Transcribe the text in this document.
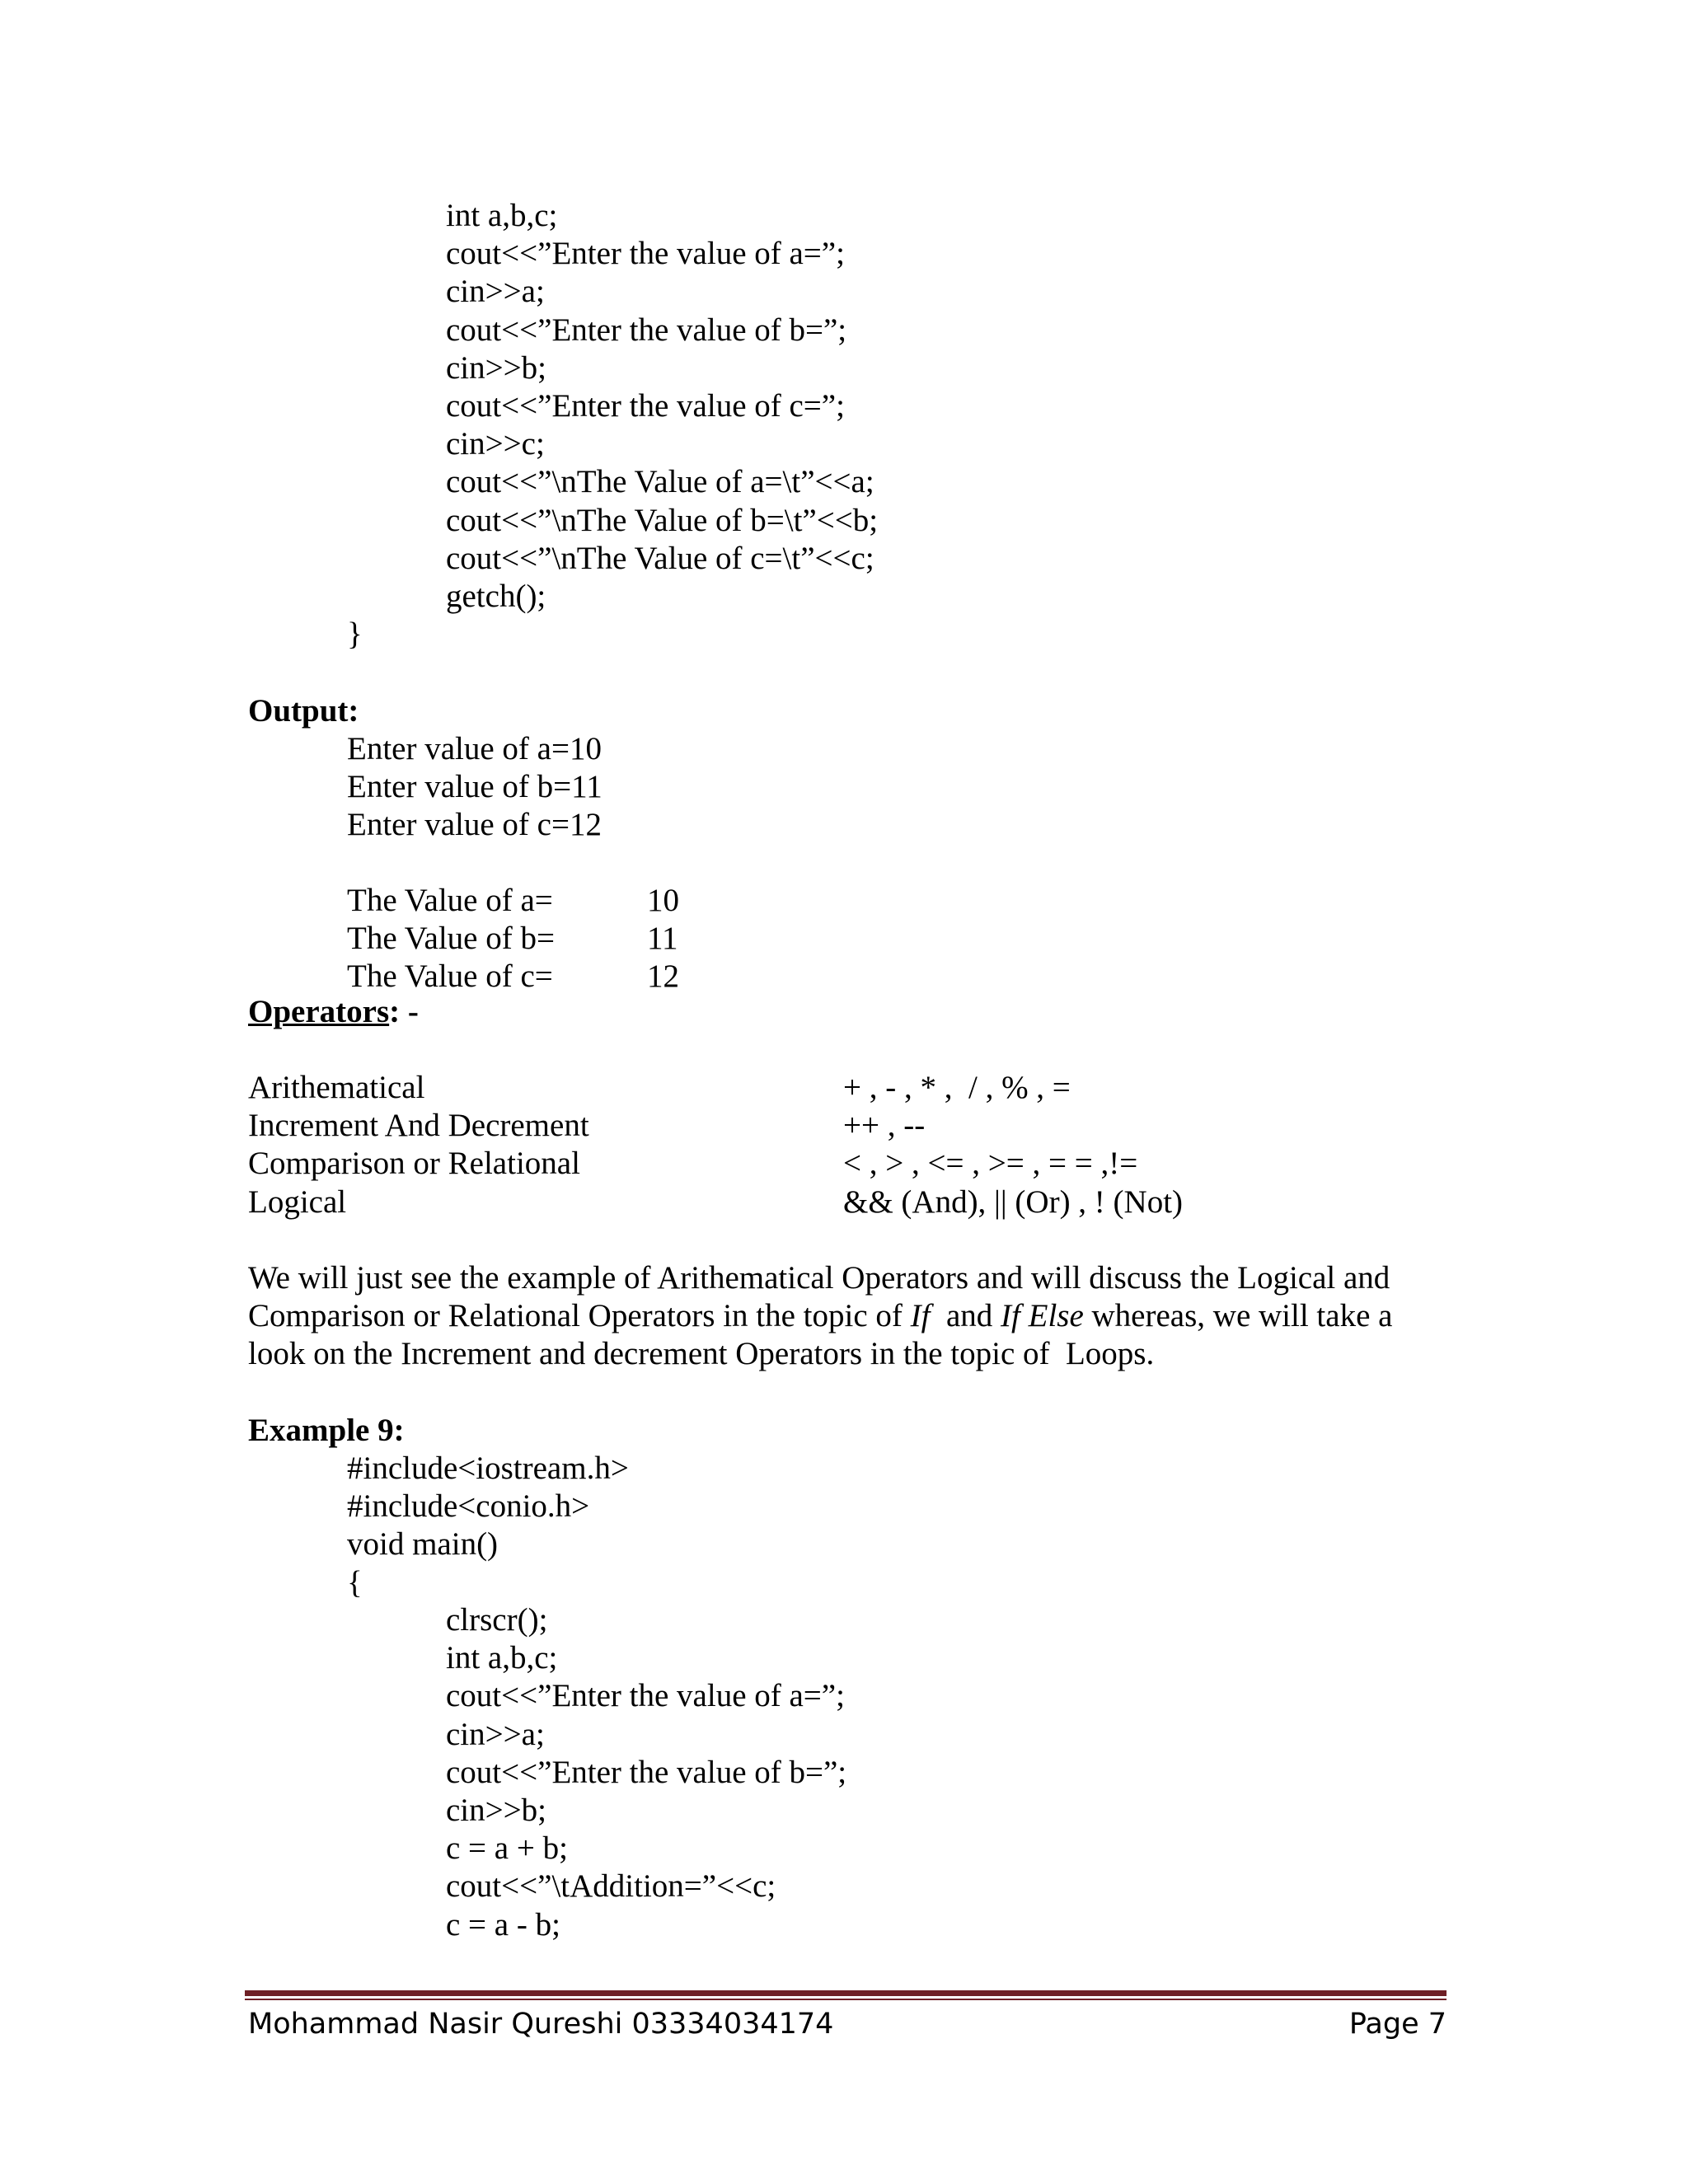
int a,b,c;
cout<<”Enter the value of a=”;
cin>>a;
cout<<”Enter the value of b=”;
cin>>b;
cout<<”Enter the value of c=”;
cin>>c;
cout<<”\nThe Value of a=\t”<<a;
cout<<”\nThe Value of b=\t”<<b;
cout<<”\nThe Value of c=\t”<<c;
getch();
}
Output:
Enter value of a=10
Enter value of b=11
Enter value of c=12
The Value of a=
The Value of b=
The Value of c=
10
11
12
Operators: -
Arithematical
Increment And Decrement
Comparison or Relational
Logical
+ , - , * ,  / , % , =
++ , --
< , > , <= , >= , = = ,!=
&& (And), || (Or) , ! (Not)
We will just see the example of Arithematical Operators and will discuss the Logical and
Comparison or Relational Operators in the topic of If  and If Else whereas, we will take a
look on the Increment and decrement Operators in the topic of  Loops.
Example 9:
#include<iostream.h>
#include<conio.h>
void main()
{
clrscr();
int a,b,c;
cout<<”Enter the value of a=”;
cin>>a;
cout<<”Enter the value of b=”;
cin>>b;
c = a + b;
cout<<”\tAddition=”<<c;
c = a - b;
Mohammad Nasir Qureshi 03334034174	Page 7
